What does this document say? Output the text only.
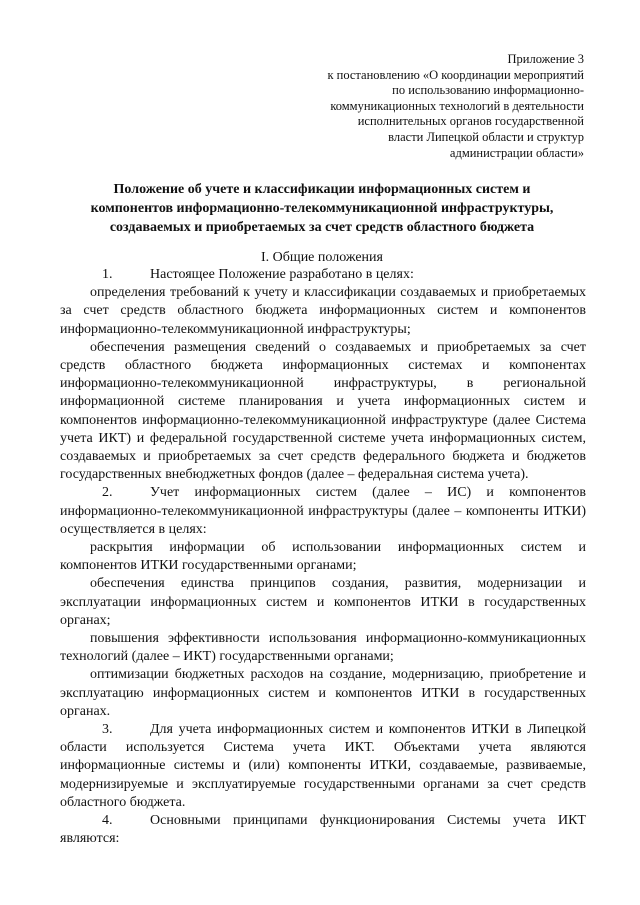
Приложение 3
к постановлению «О координации мероприятий
по использованию информационно-
коммуникационных технологий в деятельности
исполнительных органов государственной
власти Липецкой области и структур
администрации области»
Положение об учете и классификации информационных систем и
компонентов информационно-телекоммуникационной инфраструктуры,
создаваемых и приобретаемых за счет средств областного бюджета
I. Общие положения

1.	Настоящее Положение разработано в целях:

определения требований к учету и классификации создаваемых и приобретаемых за счет средств областного бюджета информационных систем и компонентов информационно-телекоммуникационной инфраструктуры;

обеспечения размещения сведений о создаваемых и приобретаемых за счет средств областного бюджета информационных системах и компонентах информационно-телекоммуникационной инфраструктуры, в региональной информационной системе планирования и учета информационных систем и компонентов информационно-телекоммуникационной инфраструктуре (далее Система учета ИКТ) и федеральной государственной системе учета информационных систем, создаваемых и приобретаемых за счет средств федерального бюджета и бюджетов государственных внебюджетных фондов (далее – федеральная система учета).

2.	Учет информационных систем (далее – ИС) и компонентов информационно-телекоммуникационной инфраструктуры (далее – компоненты ИТКИ) осуществляется в целях:

раскрытия информации об использовании информационных систем и компонентов ИТКИ государственными органами;

обеспечения единства принципов создания, развития, модернизации и эксплуатации информационных систем и компонентов ИТКИ в государственных органах;

повышения эффективности использования информационно-коммуникационных технологий (далее – ИКТ) государственными органами;

оптимизации бюджетных расходов на создание, модернизацию, приобретение и эксплуатацию информационных систем и компонентов ИТКИ в государственных органах.

3.	Для учета информационных систем и компонентов ИТКИ в Липецкой области используется Система учета ИКТ. Объектами учета являются информационные системы и (или) компоненты ИТКИ, создаваемые, развиваемые, модернизируемые и эксплуатируемые государственными органами за счет средств областного бюджета.

4.	Основными принципами функционирования Системы учета ИКТ являются:
